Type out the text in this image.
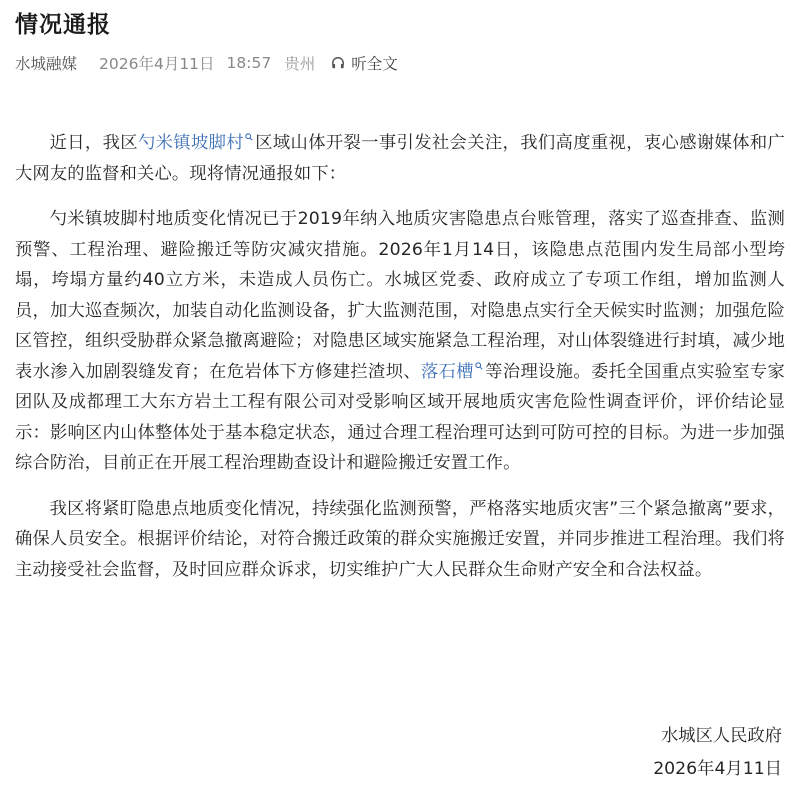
情况通报
水城融媒 2026年4月11日 18:57 贵州 听全文

近日，我区勺米镇坡脚村 区域山体开裂一事引发社会关注，我们高度重视，衷心感谢媒体和广大网友的监督和关心。现将情况通报如下：

勺米镇坡脚村地质变化情况已于2019年纳入地质灾害隐患点台账管理，落实了巡查排查、监测预警、工程治理、避险搬迁等防灾减灾措施。2026年1月14日，该隐患点范围内发生局部小型垮塌，垮塌方量约40立方米，未造成人员伤亡。水城区党委、政府成立了专项工作组，增加监测人员，加大巡查频次，加装自动化监测设备，扩大监测范围，对隐患点实行全天候实时监测；加强危险区管控，组织受胁群众紧急撤离避险；对隐患区域实施紧急工程治理，对山体裂缝进行封填，减少地表水渗入加剧裂缝发育；在危岩体下方修建拦渣坝、落石槽 等治理设施。委托全国重点实验室专家团队及成都理工大东方岩土工程有限公司对受影响区域开展地质灾害危险性调查评价，评价结论显示：影响区内山体整体处于基本稳定状态，通过合理工程治理可达到可防可控的目标。为进一步加强综合防治，目前正在开展工程治理勘查设计和避险搬迁安置工作。

我区将紧盯隐患点地质变化情况，持续强化监测预警，严格落实地质灾害”三个紧急撤离”要求，确保人员安全。根据评价结论，对符合搬迁政策的群众实施搬迁安置，并同步推进工程治理。我们将主动接受社会监督，及时回应群众诉求，切实维护广大人民群众生命财产安全和合法权益。

水城区人民政府
2026年4月11日
